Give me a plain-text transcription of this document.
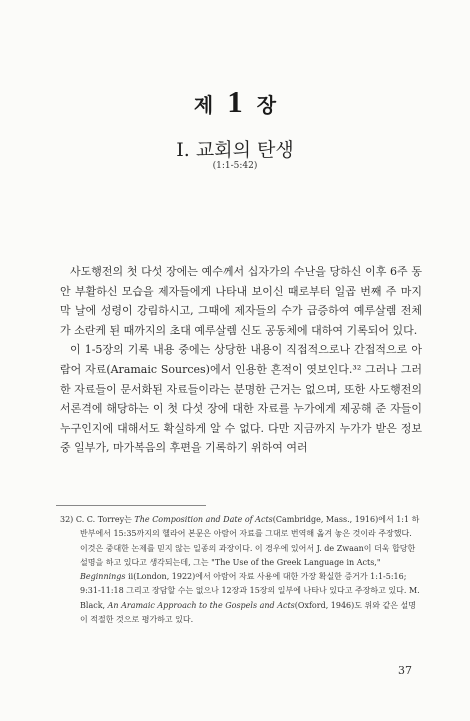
제 1 장
I. 교회의 탄생
(1:1-5:42)

사도행전의 첫 다섯 장에는 예수께서 십자가의 수난을 당하신 이후 6주 동안 부활하신 모습을 제자들에게 나타내 보이신 때로부터 일곱 번째 주 마지막 날에 성령이 강림하시고, 그때에 제자들의 수가 급증하여 예루살렘 전체가 소란케 된 때까지의 초대 예루살렘 신도 공동체에 대하여 기록되어 있다.

이 1-5장의 기록 내용 중에는 상당한 내용이 직접적으로나 간접적으로 아람어 자료(Aramaic Sources)에서 인용한 흔적이 엿보인다.³² 그러나 그러한 자료들이 문서화된 자료들이라는 분명한 근거는 없으며, 또한 사도행전의 서론격에 해당하는 이 첫 다섯 장에 대한 자료를 누가에게 제공해 준 자들이 누구인지에 대해서도 확실하게 알 수 없다. 다만 지금까지 누가가 받은 정보 중 일부가, 마가복음의 후편을 기록하기 위하여 여러

32) C. C. Torrey는 The Composition and Date of Acts(Cambridge, Mass., 1916)에서 1:1 하반부에서 15:35까지의 헬라어 본문은 아람어 자료를 그대로 번역해 옮겨 놓은 것이라 주장했다. 이것은 중대한 논제를 믿지 않는 일종의 과장이다. 이 경우에 있어서 J. de Zwaan이 더욱 합당한 설명을 하고 있다고 생각되는데, 그는 "The Use of the Greek Language in Acts," Beginnings ii(London, 1922)에서 아람어 자료 사용에 대한 가장 확실한 증거가 1:1-5:16; 9:31-11:18 그리고 장담할 수는 없으나 12장과 15장의 일부에 나타나 있다고 주장하고 있다. M. Black, An Aramaic Approach to the Gospels and Acts(Oxford, 1946)도 위와 같은 설명이 적절한 것으로 평가하고 있다.

37
